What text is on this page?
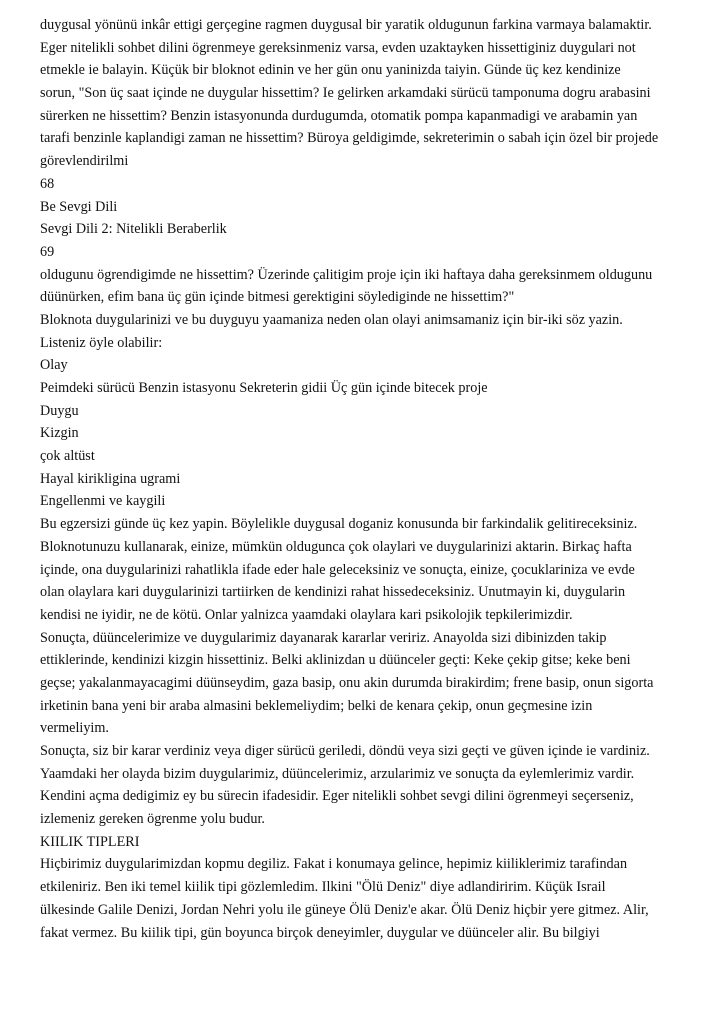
duygusal yönünü inkâr ettigi gerçegine ragmen duygusal bir yaratik oldugunun farkina varmaya balamaktir.
Eger nitelikli sohbet dilini ögrenmeye gereksinmeniz varsa, evden uzaktayken hissettiginiz duygulari not
etmekle ie balayin. Küçük bir bloknot edinin ve her gün onu yaninizda taiyin. Günde üç kez kendinize
sorun, "Son üç saat içinde ne duygular hissettim? Ie gelirken arkamdaki sürücü tamponuma dogru arabasini
sürerken ne hissettim? Benzin istasyonunda durdugumda, otomatik pompa kapanmadigi ve arabamin yan
tarafi benzinle kaplandigi zaman ne hissettim? Büroya geldigimde, sekreterimin o sabah için özel bir projede
görevlendirilmi
68
Be Sevgi Dili
Sevgi Dili 2: Nitelikli Beraberlik
69
oldugunu ögrendigimde ne hissettim? Üzerinde çalitigim proje için iki haftaya daha gereksinmem oldugunu
düünürken, efim bana üç gün içinde bitmesi gerektigini söylediginde ne hissettim?"
Bloknota duygularinizi ve bu duyguyu yaamaniza neden olan olayi animsamaniz için bir-iki söz yazin.
Listeniz öyle olabilir:
Olay
Peimdeki sürücü Benzin istasyonu Sekreterin gidii Üç gün içinde bitecek proje
Duygu
Kizgin
çok altüst
Hayal kirikligina ugrami
Engellenmi ve kaygili
Bu egzersizi günde üç kez yapin. Böylelikle duygusal doganiz konusunda bir farkindalik gelitireceksiniz.
Bloknotunuzu kullanarak, einize, mümkün oldugunca çok olaylari ve duygularinizi aktarin. Birkaç hafta
içinde, ona duygularinizi rahatlikla ifade eder hale geleceksiniz ve sonuçta, einize, çocuklariniza ve evde
olan olaylara kari duygularinizi tartiirken de kendinizi rahat hissedeceksiniz. Unutmayin ki, duygularin
kendisi ne iyidir, ne de kötü. Onlar yalnizca yaamdaki olaylara kari psikolojik tepkilerimizdir.
Sonuçta, düüncelerimize ve duygularimiz dayanarak kararlar veririz. Anayolda sizi dibinizden takip
ettiklerinde, kendinizi kizgin hissettiniz. Belki aklinizdan u düünceler geçti: Keke çekip gitse; keke beni
geçse; yakalanmayacagimi düünseydim, gaza basip, onu akin durumda birakirdim; frene basip, onun sigorta
irketinin bana yeni bir araba almasini beklemeliydim; belki de kenara çekip, onun geçmesine izin
vermeliyim.
Sonuçta, siz bir karar verdiniz veya diger sürücü geriledi, döndü veya sizi geçti ve güven içinde ie vardiniz.
Yaamdaki her olayda bizim duygularimiz, düüncelerimiz, arzularimiz ve sonuçta da eylemlerimiz vardir.
Kendini açma dedigimiz ey bu sürecin ifadesidir. Eger nitelikli sohbet sevgi dilini ögrenmeyi seçerseniz,
izlemeniz gereken ögrenme yolu budur.
KIILIK TIPLERI
Hiçbirimiz duygularimizdan kopmu degiliz. Fakat i konumaya gelince, hepimiz kiiliklerimiz tarafindan
etkileniriz. Ben iki temel kiilik tipi gözlemledim. Ilkini "Ölü Deniz" diye adlandiririm. Küçük Israil
ülkesinde Galile Denizi, Jordan Nehri yolu ile güneye Ölü Deniz'e akar. Ölü Deniz hiçbir yere gitmez. Alir,
fakat vermez. Bu kiilik tipi, gün boyunca birçok deneyimler, duygular ve düünceler alir. Bu bilgiyi
